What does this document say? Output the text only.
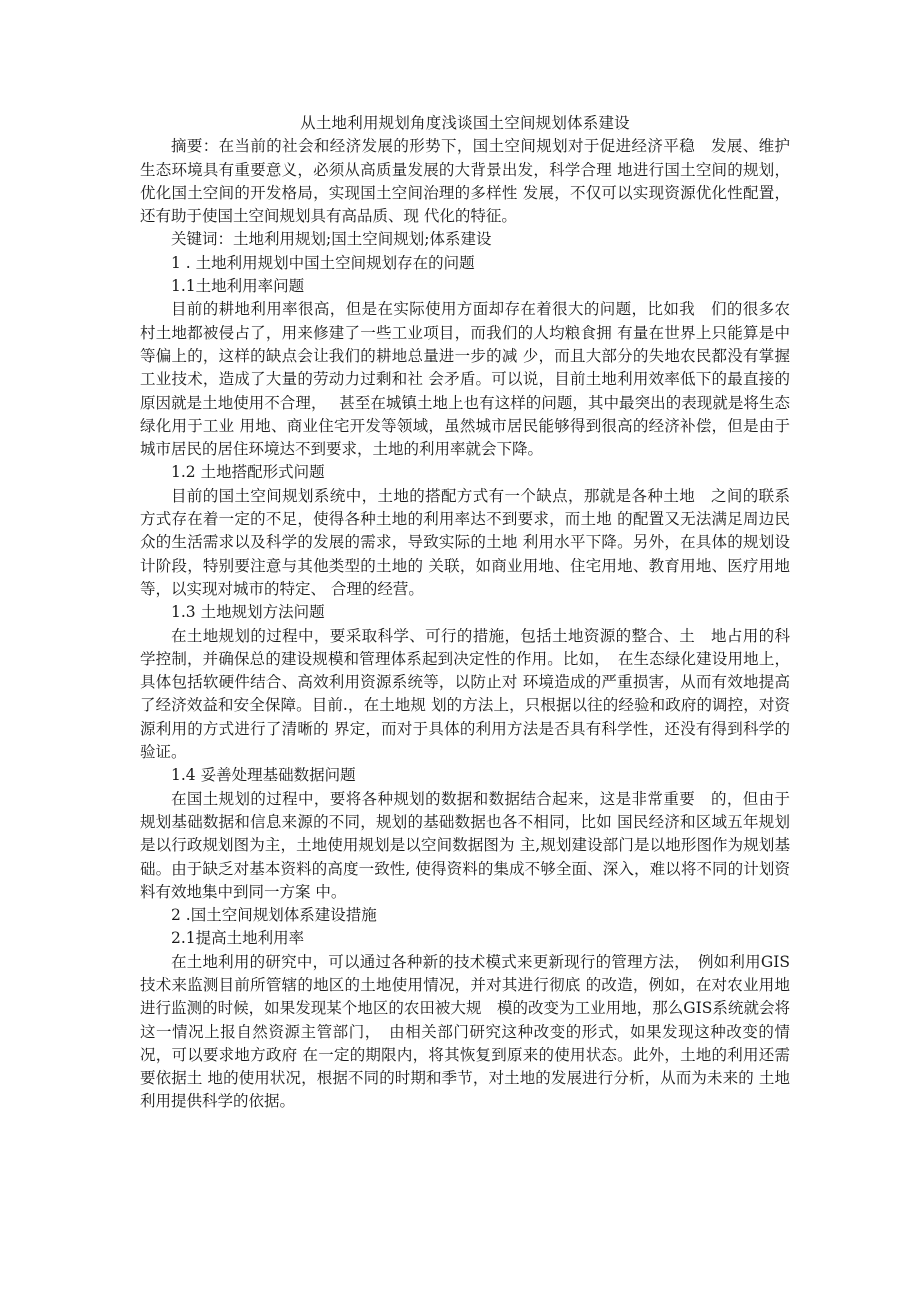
从土地利用规划角度浅谈国土空间规划体系建设

摘要：在当前的社会和经济发展的形势下，国土空间规划对于促进经济平稳　发展、维护生态环境具有重要意义，必须从高质量发展的大背景出发，科学合理 地进行国土空间的规划，优化国土空间的开发格局，实现国土空间治理的多样性 发展，不仅可以实现资源优化性配置，还有助于使国土空间规划具有高品质、现 代化的特征。

关键词：土地利用规划;国土空间规划;体系建设

1 . 土地利用规划中国土空间规划存在的问题

1.1土地利用率问题

目前的耕地利用率很高，但是在实际使用方面却存在着很大的问题，比如我　们的很多农村土地都被侵占了，用来修建了一些工业项目，而我们的人均粮食拥 有量在世界上只能算是中等偏上的，这样的缺点会让我们的耕地总量进一步的减 少，而且大部分的失地农民都没有掌握工业技术，造成了大量的劳动力过剩和社 会矛盾。可以说，目前土地利用效率低下的最直接的原因就是土地使用不合理，　 甚至在城镇土地上也有这样的问题，其中最突出的表现就是将生态绿化用于工业 用地、商业住宅开发等领域，虽然城市居民能够得到很高的经济补偿，但是由于 城市居民的居住环境达不到要求，土地的利用率就会下降。

1.2 土地搭配形式问题

目前的国土空间规划系统中，土地的搭配方式有一个缺点，那就是各种土地　之间的联系方式存在着一定的不足，使得各种土地的利用率达不到要求，而土地 的配置又无法满足周边民众的生活需求以及科学的发展的需求，导致实际的土地 利用水平下降。另外，在具体的规划设计阶段，特别要注意与其他类型的土地的 关联，如商业用地、住宅用地、教育用地、医疗用地等，以实现对城市的特定、 合理的经营。

1.3 土地规划方法问题

在土地规划的过程中，要采取科学、可行的措施，包括土地资源的整合、土　地占用的科学控制，并确保总的建设规模和管理体系起到决定性的作用。比如，　在生态绿化建设用地上，具体包括软硬件结合、高效利用资源系统等，以防止对 环境造成的严重损害，从而有效地提高了经济效益和安全保障。目前.，在土地规 划的方法上，只根据以往的经验和政府的调控，对资源利用的方式进行了清晰的 界定，而对于具体的利用方法是否具有科学性，还没有得到科学的验证。

1.4 妥善处理基础数据问题

在国土规划的过程中，要将各种规划的数据和数据结合起来，这是非常重要　的，但由于规划基础数据和信息来源的不同，规划的基础数据也各不相同，比如 国民经济和区域五年规划是以行政规划图为主，土地使用规划是以空间数据图为 主,规划建设部门是以地形图作为规划基础。由于缺乏对基本资料的高度一致性, 使得资料的集成不够全面、深入，难以将不同的计划资料有效地集中到同一方案 中。

2 .国土空间规划体系建设措施

2.1提高土地利用率

在土地利用的研究中，可以通过各种新的技术模式来更新现行的管理方法，　例如利用GIS技术来监测目前所管辖的地区的土地使用情况，并对其进行彻底 的改造，例如，在对农业用地进行监测的时候，如果发现某个地区的农田被大规　模的改变为工业用地，那么GIS系统就会将这一情况上报自然资源主管部门，　由相关部门研究这种改变的形式，如果发现这种改变的情况，可以要求地方政府 在一定的期限内，将其恢复到原来的使用状态。此外，土地的利用还需要依据土 地的使用状况，根据不同的时期和季节，对土地的发展进行分析，从而为未来的 土地利用提供科学的依据。
